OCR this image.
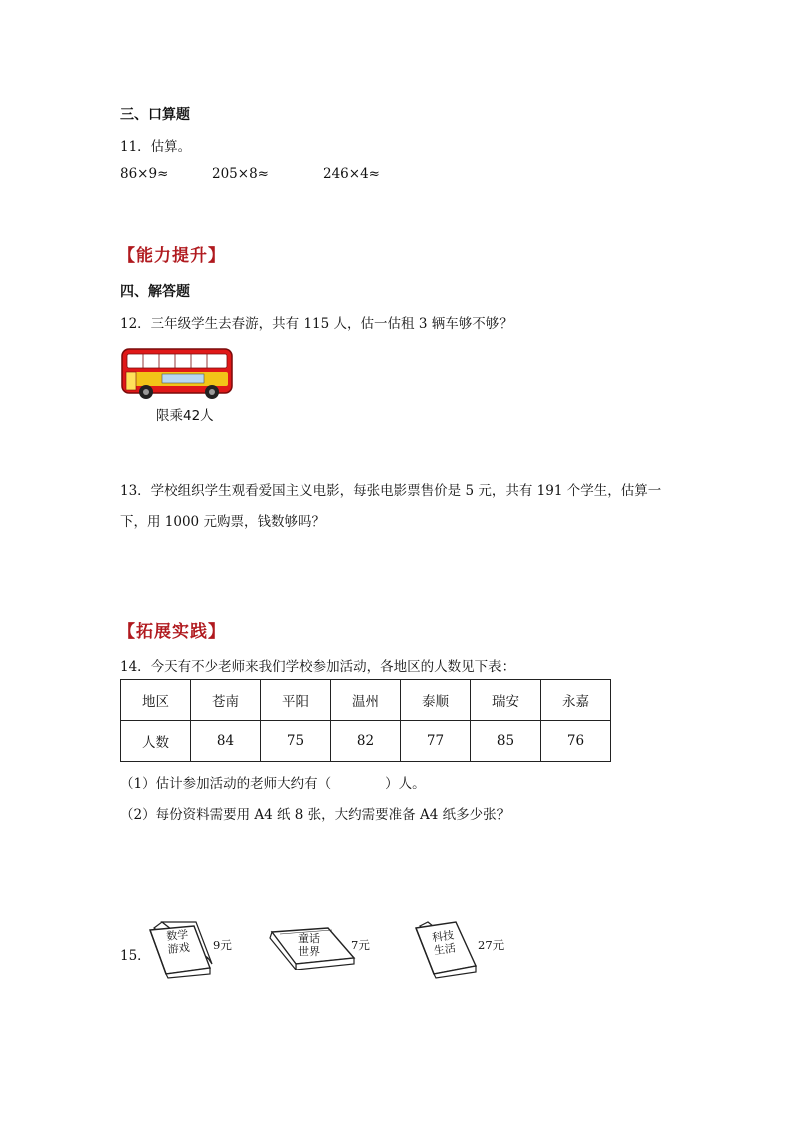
三、口算题
11．估算。
86×9≈	205×8≈	246×4≈
【能力提升】
四、解答题
12．三年级学生去春游，共有 115 人，估一估租 3 辆车够不够？
限乘42人
13．学校组织学生观看爱国主义电影，每张电影票售价是 5 元，共有 191 个学生，估算一
下，用 1000 元购票，钱数够吗？
【拓展实践】
14．今天有不少老师来我们学校参加活动，各地区的人数见下表：
地区	苍南	平阳	温州	泰顺	瑞安	永嘉
人数	84	75	82	77	85	76
（1）估计参加活动的老师大约有（　　　　）人。
（2）每份资料需要用 A4 纸 8 张，大约需要准备 A4 纸多少张？
15．
数学
游戏 9元	童话
世界	7元
科技
生活 27元
